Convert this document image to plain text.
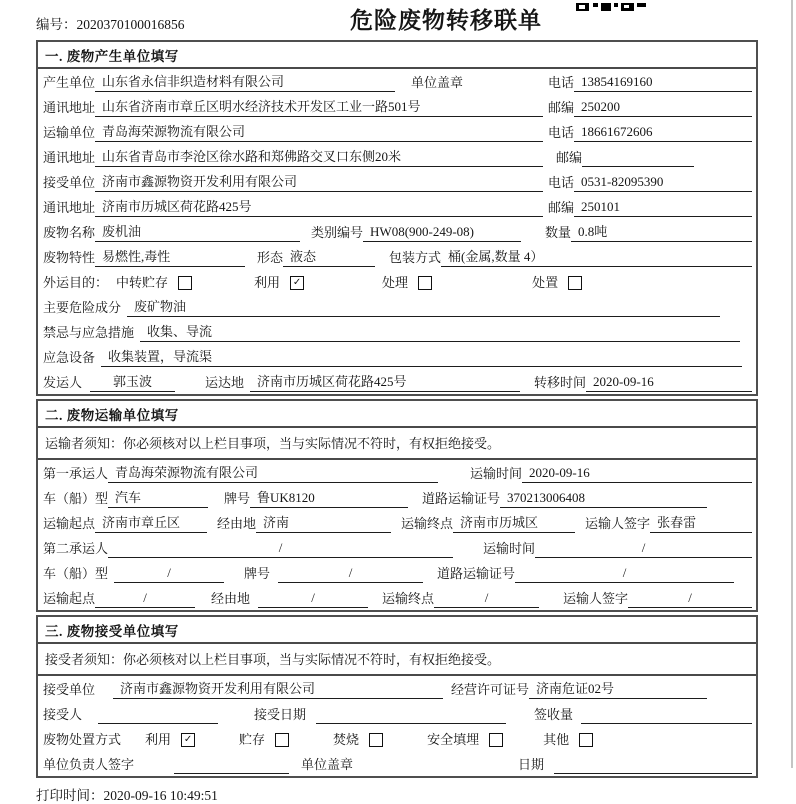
编号：2020370100016856	危险废物转移联单
一. 废物产生单位填写
产生单位 山东省永信非织造材料有限公司	单位盖章	电话 13854169160
通讯地址 山东省济南市章丘区明水经济技术开发区工业一路501号	邮编 250200
运输单位 青岛海荣源物流有限公司	电话 18661672606
通讯地址 山东省青岛市李沧区徐水路和郑佛路交叉口东侧20米	邮编
接受单位 济南市鑫源物资开发利用有限公司	电话 0531-82095390
通讯地址 济南市历城区荷花路425号	邮编 250101
废物名称 废机油	类别编号 HW08(900-249-08)	数量 0.8吨
废物特性 易燃性,毒性	形态 液态	包装方式 桶(金属,数量 4）
外运目的： 中转贮存	利用 ✓	处理	处置
主要危险成分	废矿物油
禁忌与应急措施	收集、导流
应急设备	收集装置，导流渠
发运人	郭玉波	运达地	济南市历城区荷花路425号	转移时间 2020-09-16
二. 废物运输单位填写
运输者须知：你必须核对以上栏目事项，当与实际情况不符时，有权拒绝接受。
第一承运人 青岛海荣源物流有限公司	运输时间 2020-09-16
车（船）型 汽车	牌号 鲁UK8120	道路运输证号 370213006408
运输起点 济南市章丘区	经由地 济南	运输终点 济南市历城区	运输人签字 张春雷
第二承运人	/	运输时间	/
车（船）型	/	牌号	/	道路运输证号	/
运输起点	/	经由地	/	运输终点	/	运输人签字	/
三. 废物接受单位填写
接受者须知：你必须核对以上栏目事项，当与实际情况不符时，有权拒绝接受。
接受单位	济南市鑫源物资开发利用有限公司	经营许可证号 济南危证02号
接受人	接受日期	签收量
废物处置方式 利用 ✓	贮存	焚烧	安全填埋	其他
单位负责人签字	单位盖章	日期
打印时间：2020-09-16 10:49:51
